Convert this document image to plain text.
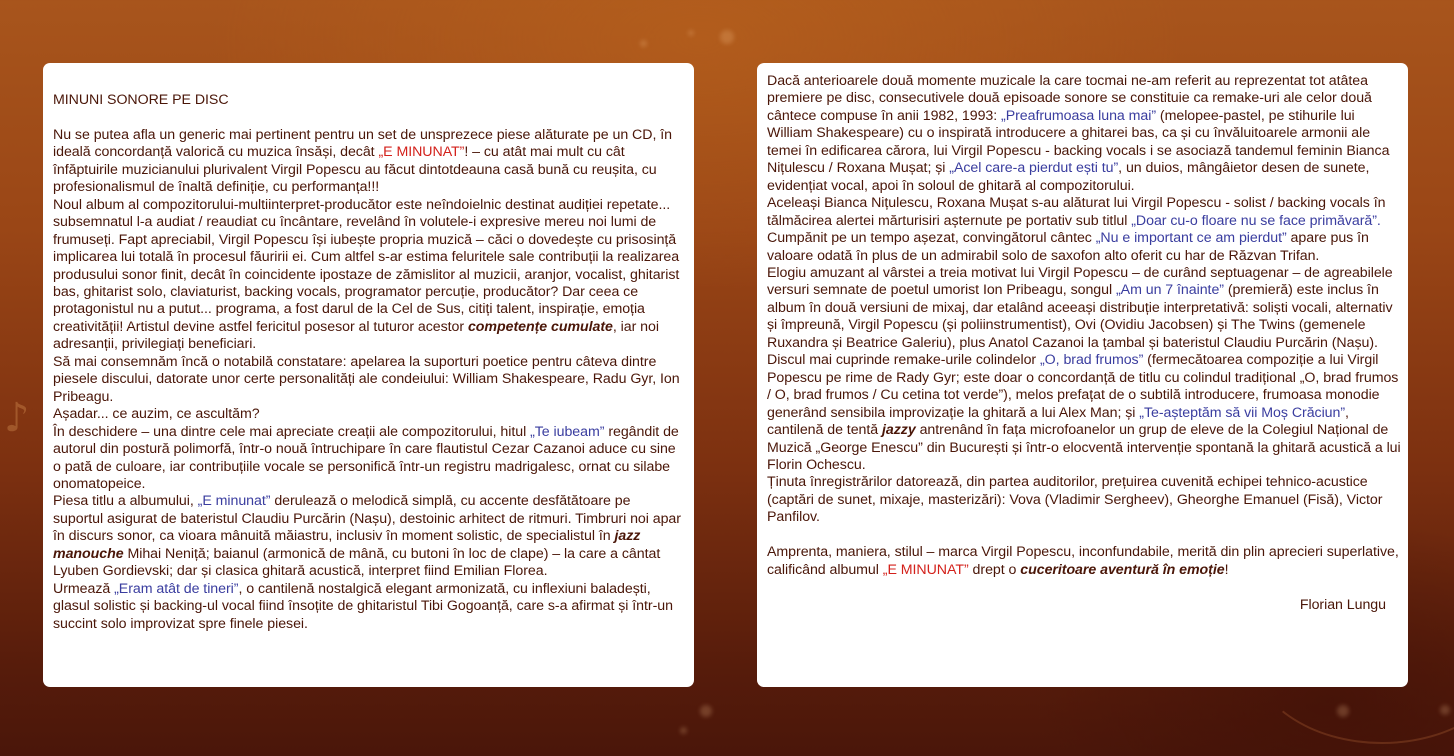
♪

MINUNI SONORE PE DISC

Nu se putea afla un generic mai pertinent pentru un set de unsprezece piese alăturate pe un CD, în ideală concordanță valorică cu muzica însăși, decât „E MINUNAT”! – cu atât mai mult cu cât înfăptuirile muzicianului plurivalent Virgil Popescu au făcut dintotdeauna casă bună cu reușita, cu profesionalismul de înaltă definiție, cu performanța!!!

Noul album al compozitorului-multiinterpret-producător este neîndoielnic destinat audiției repetate... subsemnatul l-a audiat / reaudiat cu încântare, revelând în volutele-i expresive mereu noi lumi de frumuseți. Fapt apreciabil, Virgil Popescu își iubește propria muzică – căci o dovedește cu prisosință implicarea lui totală în procesul făuririi ei. Cum altfel s-ar estima feluritele sale contribuții la realizarea produsului sonor finit, decât în coincidente ipostaze de zămislitor al muzicii, aranjor, vocalist, ghitarist bas, ghitarist solo, claviaturist, backing vocals, programator percuție, producător? Dar ceea ce protagonistul nu a putut... programa, a fost darul de la Cel de Sus, citiți talent, inspirație, emoția creativității! Artistul devine astfel fericitul posesor al tuturor acestor competențe cumulate, iar noi adresanții, privilegiați beneficiari.

Să mai consemnăm încă o notabilă constatare: apelarea la suporturi poetice pentru câteva dintre piesele discului, datorate unor certe personalități ale condeiului: William Shakespeare, Radu Gyr, Ion Pribeagu.

Așadar... ce auzim, ce ascultăm?

În deschidere – una dintre cele mai apreciate creații ale compozitorului, hitul „Te iubeam” regândit de autorul din postură polimorfă, într-o nouă întruchipare în care flautistul Cezar Cazanoi aduce cu sine o pată de culoare, iar contribuțiile vocale se personifică într-un registru madrigalesc, ornat cu silabe onomatopeice.

Piesa titlu a albumului, „E minunat” derulează o melodică simplă, cu accente desfătătoare pe suportul asigurat de bateristul Claudiu Purcărin (Nașu), destoinic arhitect de ritmuri. Timbruri noi apar în discurs sonor, ca vioara mânuită măiastru, inclusiv în moment solistic, de specialistul în jazz manouche Mihai Neniță; baianul (armonică de mână, cu butoni în loc de clape) – la care a cântat Lyuben Gordievski; dar și clasica ghitară acustică, interpret fiind Emilian Florea.

Urmează „Eram atât de tineri”, o cantilenă nostalgică elegant armonizată, cu inflexiuni baladești, glasul solistic și backing-ul vocal fiind însoțite de ghitaristul Tibi Gogoanță, care s-a afirmat și într-un succint solo improvizat spre finele piesei.

Dacă anterioarele două momente muzicale la care tocmai ne-am referit au reprezentat tot atâtea premiere pe disc, consecutivele două episoade sonore se constituie ca remake-uri ale celor două cântece compuse în anii 1982, 1993: „Preafrumoasa luna mai” (melopee-pastel, pe stihurile lui William Shakespeare) cu o inspirată introducere a ghitarei bas, ca și cu învăluitoarele armonii ale temei în edificarea cărora, lui Virgil Popescu - backing vocals i se asociază tandemul feminin Bianca Nițulescu / Roxana Mușat; și „Acel care-a pierdut ești tu”, un duios, mângâietor desen de sunete, evidențiat vocal, apoi în soloul de ghitară al compozitorului.

Aceleași Bianca Nițulescu, Roxana Mușat s-au alăturat lui Virgil Popescu - solist / backing vocals în tălmăcirea alertei mărturisiri așternute pe portativ sub titlul „Doar cu-o floare nu se face primăvară”.

Cumpănit pe un tempo așezat, convingătorul cântec „Nu e important ce am pierdut” apare pus în valoare odată în plus de un admirabil solo de saxofon alto oferit cu har de Răzvan Trifan.

Elogiu amuzant al vârstei a treia motivat lui Virgil Popescu – de curând septuagenar – de agreabilele versuri semnate de poetul umorist Ion Pribeagu, songul „Am un 7 înainte” (premieră) este inclus în album în două versiuni de mixaj, dar etalând aceeași distribuție interpretativă: soliști vocali, alternativ și împreună, Virgil Popescu (și poliinstrumentist), Ovi (Ovidiu Jacobsen) și The Twins (gemenele Ruxandra și Beatrice Galeriu), plus Anatol Cazanoi la țambal și bateristul Claudiu Purcărin (Nașu).

Discul mai cuprinde remake-urile colindelor „O, brad frumos” (fermecătoarea compoziție a lui Virgil Popescu pe rime de Rady Gyr; este doar o concordanță de titlu cu colindul tradițional „O, brad frumos / O, brad frumos / Cu cetina tot verde”), melos prefațat de o subtilă introducere, frumoasa monodie generând sensibila improvizație la ghitară a lui Alex Man; și „Te-așteptăm să vii Moș Crăciun”, cantilenă de tentă jazzy antrenând în fața microfoanelor un grup de eleve de la Colegiul Național de Muzică „George Enescu” din București și într-o elocventă intervenție spontană la ghitară acustică a lui Florin Ochescu.

Ținuta înregistrărilor datorează, din partea auditorilor, prețuirea cuvenită echipei tehnico-acustice (captări de sunet, mixaje, masterizări): Vova (Vladimir Sergheev), Gheorghe Emanuel (Fisă), Victor Panfilov.

Amprenta, maniera, stilul – marca Virgil Popescu, inconfundabile, merită din plin aprecieri superlative, calificând albumul „E MINUNAT” drept o cuceritoare aventură în emoție!

Florian Lungu
